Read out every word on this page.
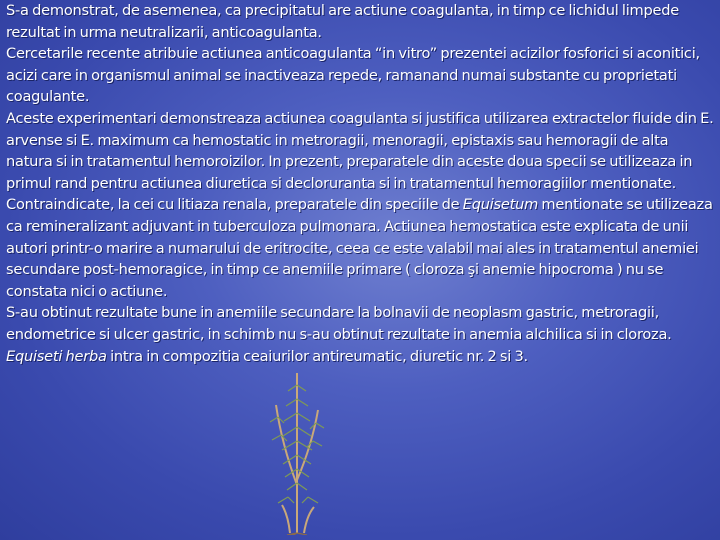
S-a demonstrat, de asemenea, ca precipitatul are actiune coagulanta, in timp ce lichidul limpede rezultat in urma neutralizarii, anticoagulanta.

Cercetarile recente atribuie actiunea anticoagulanta “in vitro” prezentei acizilor fosforici si aconitici, acizi care in organismul animal se inactiveaza repede, ramanand numai substante cu proprietati coagulante.

Aceste experimentari demonstreaza actiunea coagulanta si justifica utilizarea extractelor fluide din E. arvense si E. maximum ca hemostatic in metroragii, menoragii, epistaxis sau hemoragii de alta natura si in tratamentul hemoroizilor. In prezent, preparatele din aceste doua specii se utilizeaza in primul rand pentru actiunea diuretica si decloruranta si in tratamentul hemoragiilor mentionate.

Contraindicate, la cei cu litiaza renala, preparatele din speciile de Equisetum mentionate se utilizeaza ca remineralizant adjuvant in tuberculoza pulmonara. Actiunea hemostatica este explicata de unii autori printr-o marire a numarului de eritrocite, ceea ce este valabil mai ales in tratamentul anemiei secundare post-hemoragice, in timp ce anemiile primare ( cloroza şi anemie hipocroma ) nu se constata nici o actiune.

S-au obtinut rezultate bune in anemiile secundare la bolnavii de neoplasm gastric, metroragii, endometrice si ulcer gastric, in schimb nu s-au obtinut rezultate in anemia alchilica si in cloroza. Equiseti herba intra in compozitia ceaiurilor antireumatic, diuretic nr. 2 si 3.
